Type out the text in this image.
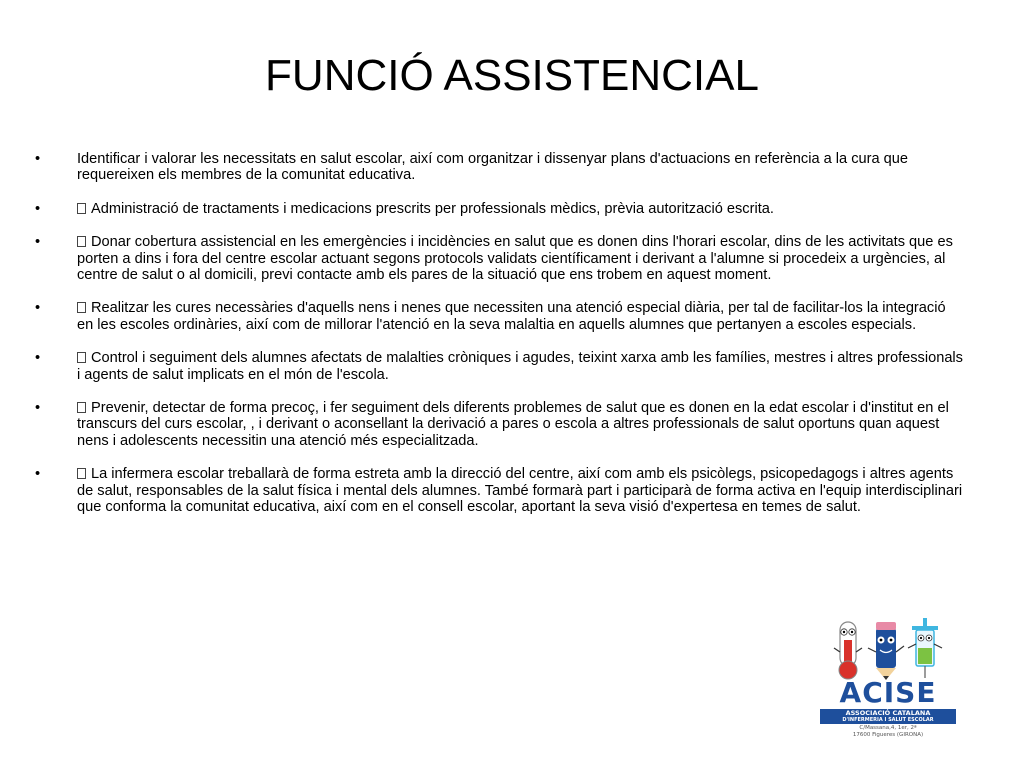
FUNCIÓ ASSISTENCIAL
•	Identificar i valorar les necessitats en salut escolar, així com organitzar i dissenyar plans d'actuacions en referència a la cura que requereixen els membres de la comunitat educativa.
•	Administració de tractaments i medicacions prescrits per professionals mèdics, prèvia autorització escrita.
•	Donar cobertura assistencial en les emergències i incidències en salut que es donen dins l'horari escolar, dins de les activitats que es porten a dins i fora del centre escolar actuant segons protocols validats científicament i derivant a l'alumne si procedeix a urgències, al centre de salut o al domicili, previ contacte amb els pares de la situació que ens trobem en aquest moment.
•	Realitzar les cures necessàries d'aquells nens i nenes que necessiten una atenció especial diària, per tal de facilitar-los la integració en les escoles ordinàries, així com de millorar l'atenció en la seva malaltia en aquells alumnes que pertanyen a escoles especials.
•	Control i seguiment dels alumnes afectats de malalties cròniques i agudes, teixint xarxa amb les famílies, mestres i altres professionals i agents de salut implicats en el món de l'escola.
•	Prevenir, detectar de forma precoç, i fer seguiment dels diferents problemes de salut que es donen en la edat escolar i d'institut en el transcurs del curs escolar, , i derivant o aconsellant la derivació a pares o escola a altres professionals de salut oportuns quan aquest nens i adolescents necessitin una atenció més especialitzada.
•	La infermera escolar treballarà de forma estreta amb la direcció del centre, així com amb els psicòlegs, psicopedagogs i altres agents de salut, responsables de la salut física i mental dels alumnes. També formarà part i participarà de forma activa en l'equip interdisciplinari que conforma la comunitat educativa, així com en el consell escolar, aportant la seva visió d'expertesa en temes de salut.
ACISE
ASSOCIACIÓ CATALANA
D'INFERMERIA I SALUT ESCOLAR
C/Massana,4, 1er, 2ª
17600 Figueres (GIRONA)
